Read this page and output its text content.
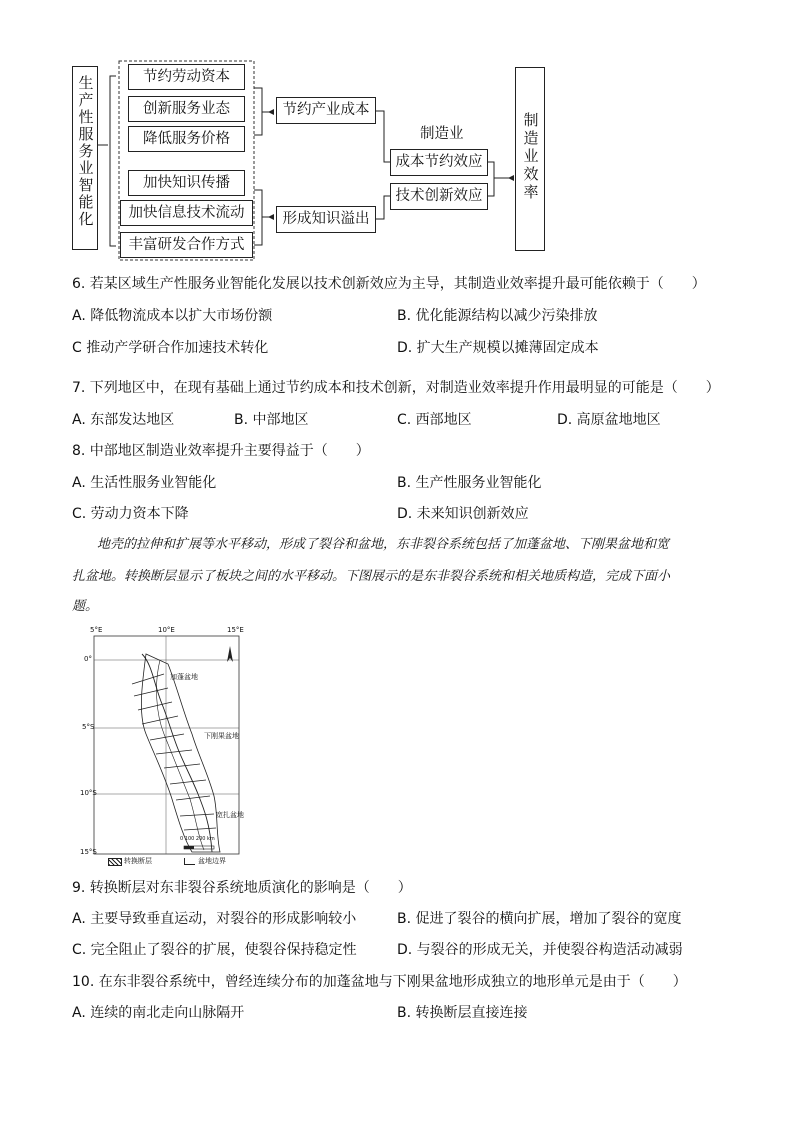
生产性服务业智能化	节约劳动资本
创新服务业态
降低服务价格
加快知识传播
加快信息技术流动
丰富研发合作方式
节约产业成本
形成知识溢出
制造业
成本节约效应
技术创新效应	制造业效率
6. 若某区域生产性服务业智能化发展以技术创新效应为主导，其制造业效率提升最可能依赖于（　　）
A. 降低物流成本以扩大市场份额	B. 优化能源结构以减少污染排放
C 推动产学研合作加速技术转化	D. 扩大生产规模以摊薄固定成本
7. 下列地区中，在现有基础上通过节约成本和技术创新，对制造业效率提升作用最明显的可能是（　　）
A. 东部发达地区	B. 中部地区	C. 西部地区	D. 高原盆地地区
8. 中部地区制造业效率提升主要得益于（　　）
A. 生活性服务业智能化	B. 生产性服务业智能化
C. 劳动力资本下降	D. 未来知识创新效应
地壳的拉伸和扩展等水平移动，形成了裂谷和盆地，东非裂谷系统包括了加蓬盆地、下刚果盆地和宽
扎盆地。转换断层显示了板块之间的水平移动。下图展示的是东非裂谷系统和相关地质构造，完成下面小
题。
5°E	10°E	15°E
0°
5°S
10°S
15°S
加蓬盆地
下刚果盆地
宽扎盆地
0 100 200 km
转换断层	盆地边界
9. 转换断层对东非裂谷系统地质演化的影响是（　　）
A. 主要导致垂直运动，对裂谷的形成影响较小	B. 促进了裂谷的横向扩展，增加了裂谷的宽度
C. 完全阻止了裂谷的扩展，使裂谷保持稳定性	D. 与裂谷的形成无关，并使裂谷构造活动减弱
10. 在东非裂谷系统中，曾经连续分布的加蓬盆地与下刚果盆地形成独立的地形单元是由于（　　）
A. 连续的南北走向山脉隔开	B. 转换断层直接连接
